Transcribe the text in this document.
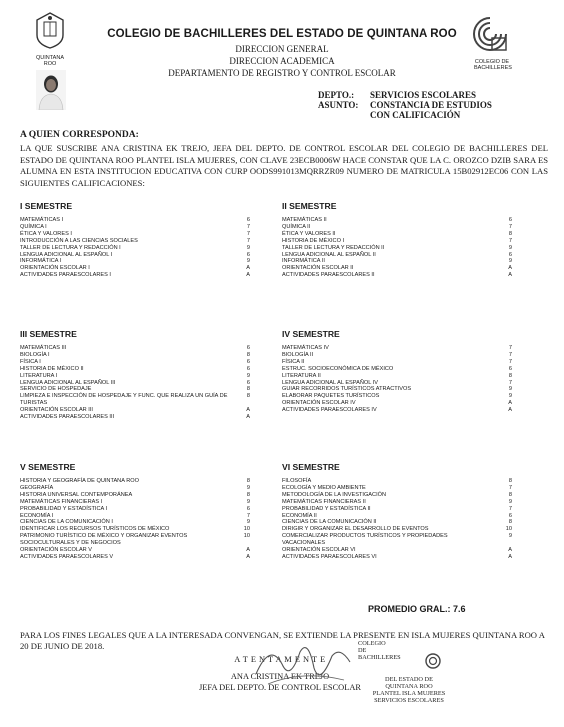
QUINTANA ROO	COLEGIO DE BACHILLERES
COLEGIO DE BACHILLERES DEL ESTADO DE QUINTANA ROO
DIRECCION GENERAL
DIRECCION ACADEMICA
DEPARTAMENTO DE REGISTRO Y CONTROL ESCOLAR
DEPTO.: SERVICIOS ESCOLARES
ASUNTO: CONSTANCIA DE ESTUDIOS
CON CALIFICACIÓN
A QUIEN CORRESPONDA:
LA QUE SUSCRIBE ANA CRISTINA EK TREJO, JEFA DEL DEPTO. DE CONTROL ESCOLAR DEL COLEGIO DE BACHILLERES DEL ESTADO DE QUINTANA ROO PLANTEL ISLA MUJERES, CON CLAVE 23ECB0006W HACE CONSTAR QUE LA C. OROZCO DZIB SARA ES ALUMNA EN ESTA INSTITUCION EDUCATIVA CON CURP OODS991013MQRRZR09 NUMERO DE MATRICULA 15B02912EC06 CON LAS SIGUIENTES CALIFICACIONES:
I SEMESTRE
MATEMÁTICAS I	6
QUÍMICA I	7
ÉTICA Y VALORES I	7
INTRODUCCIÓN A LAS CIENCIAS SOCIALES	7
TALLER DE LECTURA Y REDACCIÓN I	9
LENGUA ADICIONAL AL ESPAÑOL I	6
INFORMÁTICA I	9
ORIENTACIÓN ESCOLAR I	A
ACTIVIDADES PARAESCOLARES I	A
II SEMESTRE
MATEMÁTICAS II	6
QUÍMICA II	7
ÉTICA Y VALORES II	8
HISTORIA DE MÉXICO I	7
TALLER DE LECTURA Y REDACCIÓN II	9
LENGUA ADICIONAL AL ESPAÑOL II	6
INFORMÁTICA II	9
ORIENTACIÓN ESCOLAR II	A
ACTIVIDADES PARAESCOLARES II	A
III SEMESTRE
MATEMÁTICAS III	6
BIOLOGÍA I	8
FÍSICA I	6
HISTORIA DE MÉXICO II	6
LITERATURA I	9
LENGUA ADICIONAL AL ESPAÑOL III	6
SERVICIO DE HOSPEDAJE	8
LIMPIEZA E INSPECCIÓN DE HOSPEDAJE Y FUNC. QUE REALIZA UN GUÍA DE TURISTAS
8
ORIENTACIÓN ESCOLAR III	A
ACTIVIDADES PARAESCOLARES III	A
IV SEMESTRE
MATEMÁTICAS IV	7
BIOLOGÍA II	7
FÍSICA II	7
ESTRUC. SOCIOECONÓMICA DE MÉXICO	6
LITERATURA II	8
LENGUA ADICIONAL AL ESPAÑOL IV	7
GUIAR RECORRIDOS TURÍSTICOS ATRACTIVOS	9
ELABORAR PAQUETES TURÍSTICOS	9
ORIENTACIÓN ESCOLAR IV	A
ACTIVIDADES PARAESCOLARES IV	A
V SEMESTRE
HISTORIA Y GEOGRAFÍA DE QUINTANA ROO	8
GEOGRAFÍA	9
HISTORIA UNIVERSAL CONTEMPORÁNEA	8
MATEMÁTICAS FINANCIERAS I	9
PROBABILIDAD Y ESTADÍSTICA I	6
ECONOMÍA I	7
CIENCIAS DE LA COMUNICACIÓN I	9
IDENTIFICAR LOS RECURSOS TURÍSTICOS DE MÉXICO	10
PATRIMONIO TURÍSTICO DE MÉXICO Y ORGANIZAR EVENTOS SOCIOCULTURALES Y DE NEGOCIOS
10
ORIENTACIÓN ESCOLAR V	A
ACTIVIDADES PARAESCOLARES V	A
VI SEMESTRE
FILOSOFÍA	8
ECOLOGÍA Y MEDIO AMBIENTE	7
METODOLOGÍA DE LA INVESTIGACIÓN	8
MATEMÁTICAS FINANCIERAS II	9
PROBABILIDAD Y ESTADÍSTICA II	7
ECONOMÍA II	6
CIENCIAS DE LA COMUNICACIÓN II	8
DIRIGIR Y ORGANIZAR EL DESARROLLO DE EVENTOS	10
COMERCIALIZAR PRODUCTOS TURÍSTICOS Y PROPIEDADES VACACIONALES
9
ORIENTACIÓN ESCOLAR VI	A
ACTIVIDADES PARAESCOLARES VI	A
PROMEDIO GRAL.: 7.6
PARA LOS FINES LEGALES QUE A LA INTERESADA CONVENGAN, SE EXTIENDE LA PRESENTE EN ISLA MUJERES QUINTANA ROO A 20 DE JUNIO DE 2018.
A T E N T A M E N T E
ANA CRISTINA EK TREJO
JEFA DEL DEPTO. DE CONTROL ESCOLAR
COLEGIO
DE
BACHILLERES
DEL ESTADO DE
QUINTANA ROO
PLANTEL ISLA MUJERES
SERVICIOS ESCOLARES
